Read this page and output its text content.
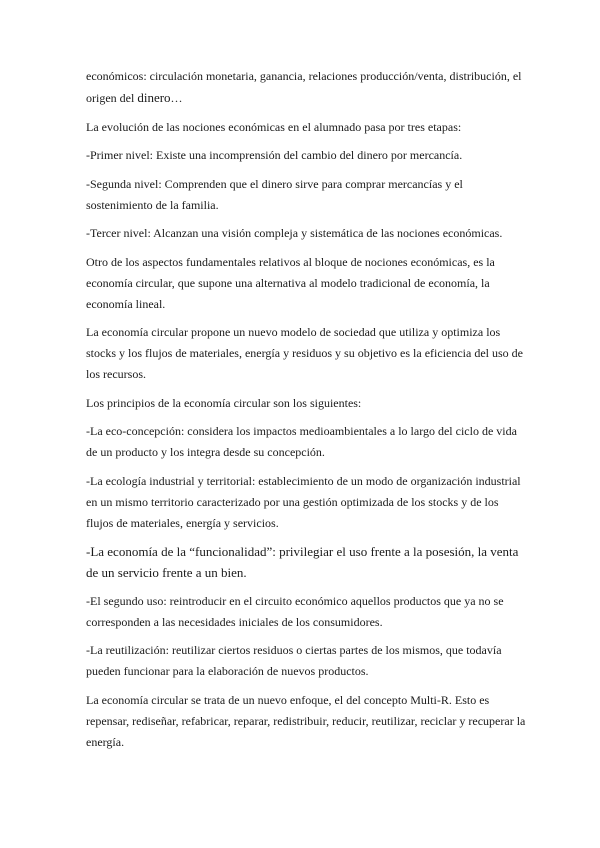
económicos: circulación monetaria, ganancia, relaciones producción/venta, distribución, el origen del dinero…

La evolución de las nociones económicas en el alumnado pasa por tres etapas:

-Primer nivel: Existe una incomprensión del cambio del dinero por mercancía.

-Segunda nivel: Comprenden que el dinero sirve para comprar mercancías y el sostenimiento de la familia.

-Tercer nivel: Alcanzan una visión compleja y sistemática de las nociones económicas.

Otro de los aspectos fundamentales relativos al bloque de nociones económicas, es la economía circular, que supone una alternativa al modelo tradicional de economía, la economía lineal.

La economía circular propone un nuevo modelo de sociedad que utiliza y optimiza los stocks y los flujos de materiales, energía y residuos y su objetivo es la eficiencia del uso de los recursos.

Los principios de la economía circular son los siguientes:

-La eco-concepción: considera los impactos medioambientales a lo largo del ciclo de vida de un producto y los integra desde su concepción.

-La ecología industrial y territorial: establecimiento de un modo de organización industrial en un mismo territorio caracterizado por una gestión optimizada de los stocks y de los flujos de materiales, energía y servicios.

-La economía de la “funcionalidad”: privilegiar el uso frente a la posesión, la venta de un servicio frente a un bien.

-El segundo uso: reintroducir en el circuito económico aquellos productos que ya no se corresponden a las necesidades iniciales de los consumidores.

-La reutilización: reutilizar ciertos residuos o ciertas partes de los mismos, que todavía pueden funcionar para la elaboración de nuevos productos.

La economía circular se trata de un nuevo enfoque, el del concepto Multi-R. Esto es repensar, rediseñar, refabricar, reparar, redistribuir, reducir, reutilizar, reciclar y recuperar la energía.
